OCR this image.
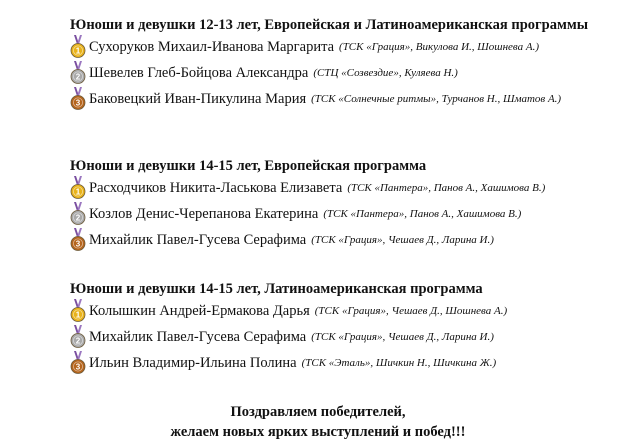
Юноши и девушки 12-13 лет, Европейская и Латиноамериканская программы
1 Сухоруков Михаил-Иванова Маргарита (ТСК «Грация», Викулова И., Шошнева А.)
2 Шевелев Глеб-Бойцова Александра (СТЦ «Созвездие», Куляева Н.)
3 Баковецкий Иван-Пикулина Мария (ТСК «Солнечные ритмы», Турчанов Н., Шматов А.)
Юноши и девушки 14-15 лет, Европейская программа
1 Расходчиков Никита-Ласькова Елизавета (ТСК «Пантера», Панов А., Хашимова В.)
2 Козлов Денис-Черепанова Екатерина (ТСК «Пантера», Панов А., Хашимова В.)
3 Михайлик Павел-Гусева Серафима (ТСК «Грация», Чешаев Д., Ларина И.)
Юноши и девушки 14-15 лет, Латиноамериканская программа
1 Колышкин Андрей-Ермакова Дарья (ТСК «Грация», Чешаев Д., Шошнева А.)
2 Михайлик Павел-Гусева Серафима (ТСК «Грация», Чешаев Д., Ларина И.)
3 Ильин Владимир-Ильина Полина (ТСК «Эталь», Шичкин Н., Шичкина Ж.)
Поздравляем победителей,
желаем новых ярких выступлений и побед!!!
